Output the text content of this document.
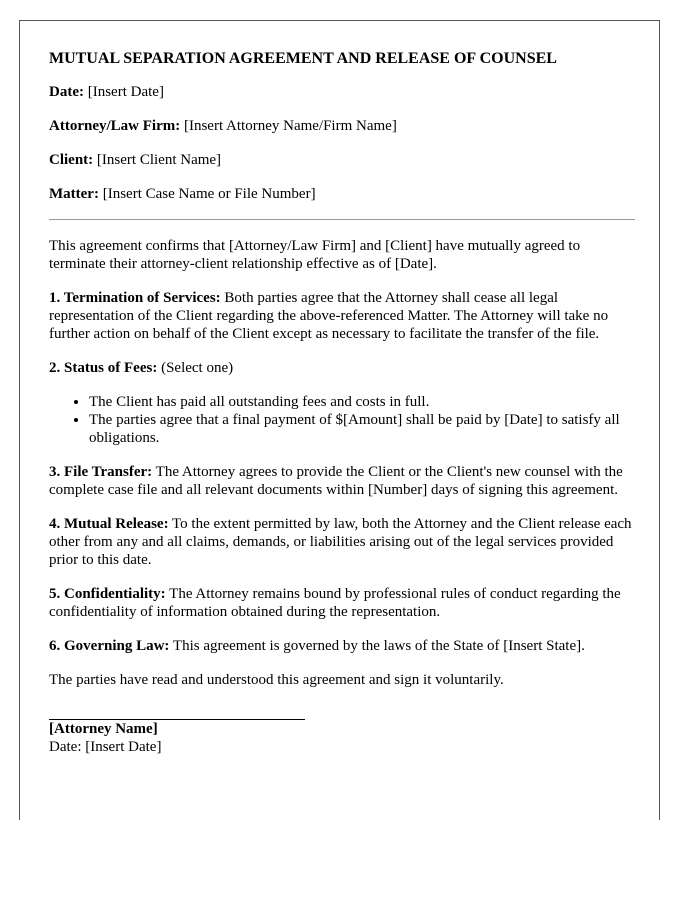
MUTUAL SEPARATION AGREEMENT AND RELEASE OF COUNSEL
Date: [Insert Date]
Attorney/Law Firm: [Insert Attorney Name/Firm Name]
Client: [Insert Client Name]
Matter: [Insert Case Name or File Number]
This agreement confirms that [Attorney/Law Firm] and [Client] have mutually agreed to terminate their attorney-client relationship effective as of [Date].
1. Termination of Services: Both parties agree that the Attorney shall cease all legal representation of the Client regarding the above-referenced Matter. The Attorney will take no further action on behalf of the Client except as necessary to facilitate the transfer of the file.
2. Status of Fees: (Select one)
• The Client has paid all outstanding fees and costs in full.
• The parties agree that a final payment of $[Amount] shall be paid by [Date] to satisfy all obligations.
3. File Transfer: The Attorney agrees to provide the Client or the Client's new counsel with the complete case file and all relevant documents within [Number] days of signing this agreement.
4. Mutual Release: To the extent permitted by law, both the Attorney and the Client release each other from any and all claims, demands, or liabilities arising out of the legal services provided prior to this date.
5. Confidentiality: The Attorney remains bound by professional rules of conduct regarding the confidentiality of information obtained during the representation.
6. Governing Law: This agreement is governed by the laws of the State of [Insert State].
The parties have read and understood this agreement and sign it voluntarily.
[Attorney Name]
Date: [Insert Date]
